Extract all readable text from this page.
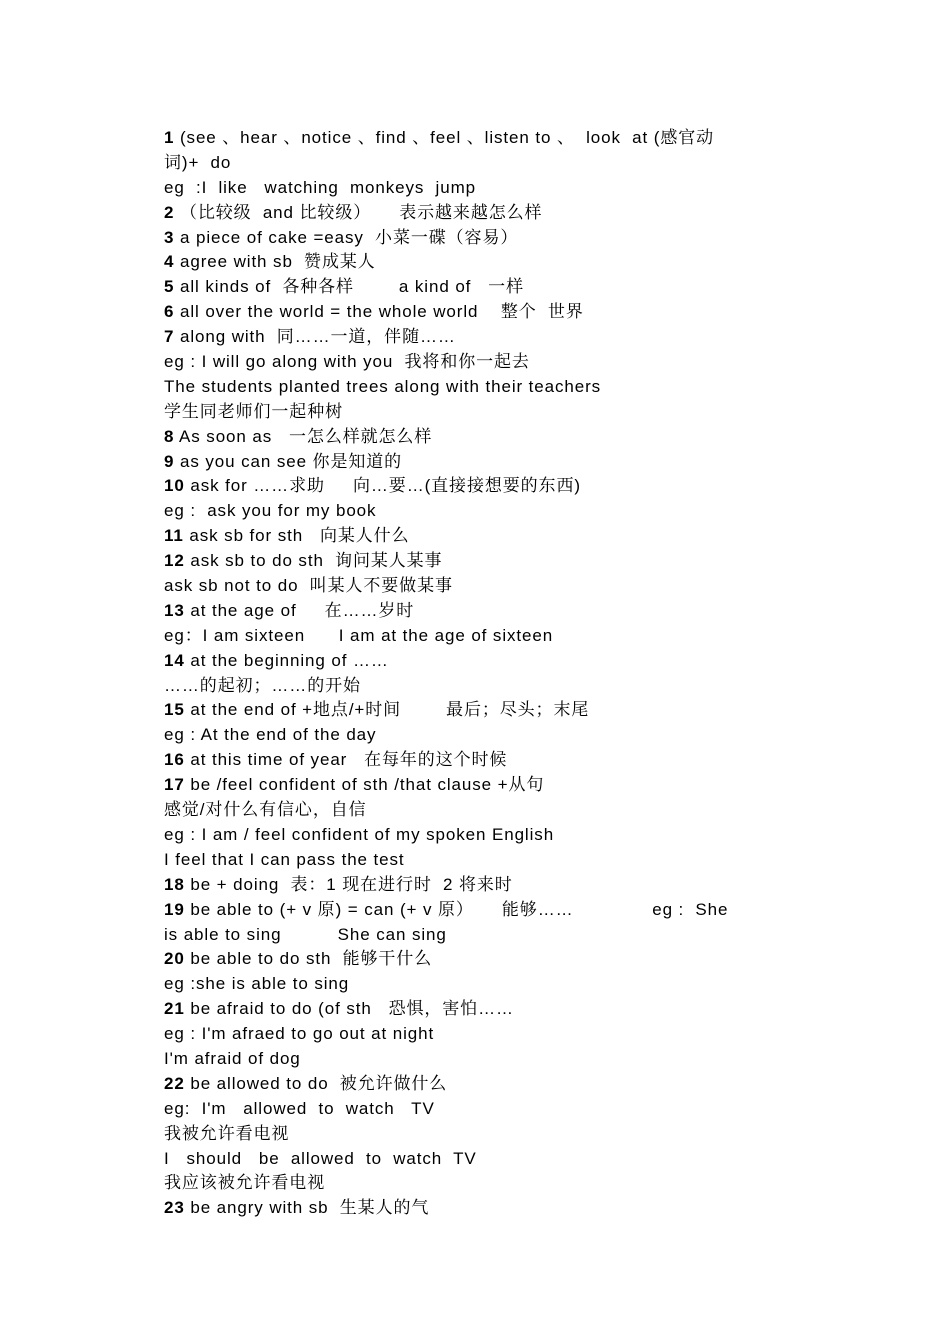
1 (see 、hear 、notice 、find 、feel 、listen to 、  look  at (感官动
词)+  do
eg  :I  like   watching  monkeys  jump
2 （比较级  and 比较级）     表示越来越怎么样
3 a piece of cake =easy  小菜一碟（容易）
4 agree with sb  赞成某人
5 all kinds of  各种各样        a kind of   一样
6 all over the world = the whole world    整个  世界
7 along with  同……一道，伴随……
eg : I will go along with you  我将和你一起去
The students planted trees along with their teachers
学生同老师们一起种树
8 As soon as   一怎么样就怎么样
9 as you can see 你是知道的
10 ask for ……求助     向…要…(直接接想要的东西)
eg :  ask you for my book
11 ask sb for sth   向某人什么
12 ask sb to do sth  询问某人某事
ask sb not to do  叫某人不要做某事
13 at the age of     在……岁时
eg：I am sixteen      I am at the age of sixteen
14 at the beginning of ……
……的起初；……的开始
15 at the end of +地点/+时间        最后；尽头；末尾
eg : At the end of the day
16 at this time of year   在每年的这个时候
17 be /feel confident of sth /that clause +从句
感觉/对什么有信心，自信
eg : I am / feel confident of my spoken English
I feel that I can pass the test
18 be + doing  表：1 现在进行时  2 将来时
19 be able to (+ v 原) = can (+ v 原）     能够……              eg :  She
is able to sing          She can sing
20 be able to do sth  能够干什么
eg :she is able to sing
21 be afraid to do (of sth   恐惧，害怕……
eg : I'm afraed to go out at night
I'm afraid of dog
22 be allowed to do  被允许做什么
eg:  I'm   allowed  to  watch   TV
我被允许看电视
I   should   be  allowed  to  watch  TV
我应该被允许看电视
23 be angry with sb  生某人的气
